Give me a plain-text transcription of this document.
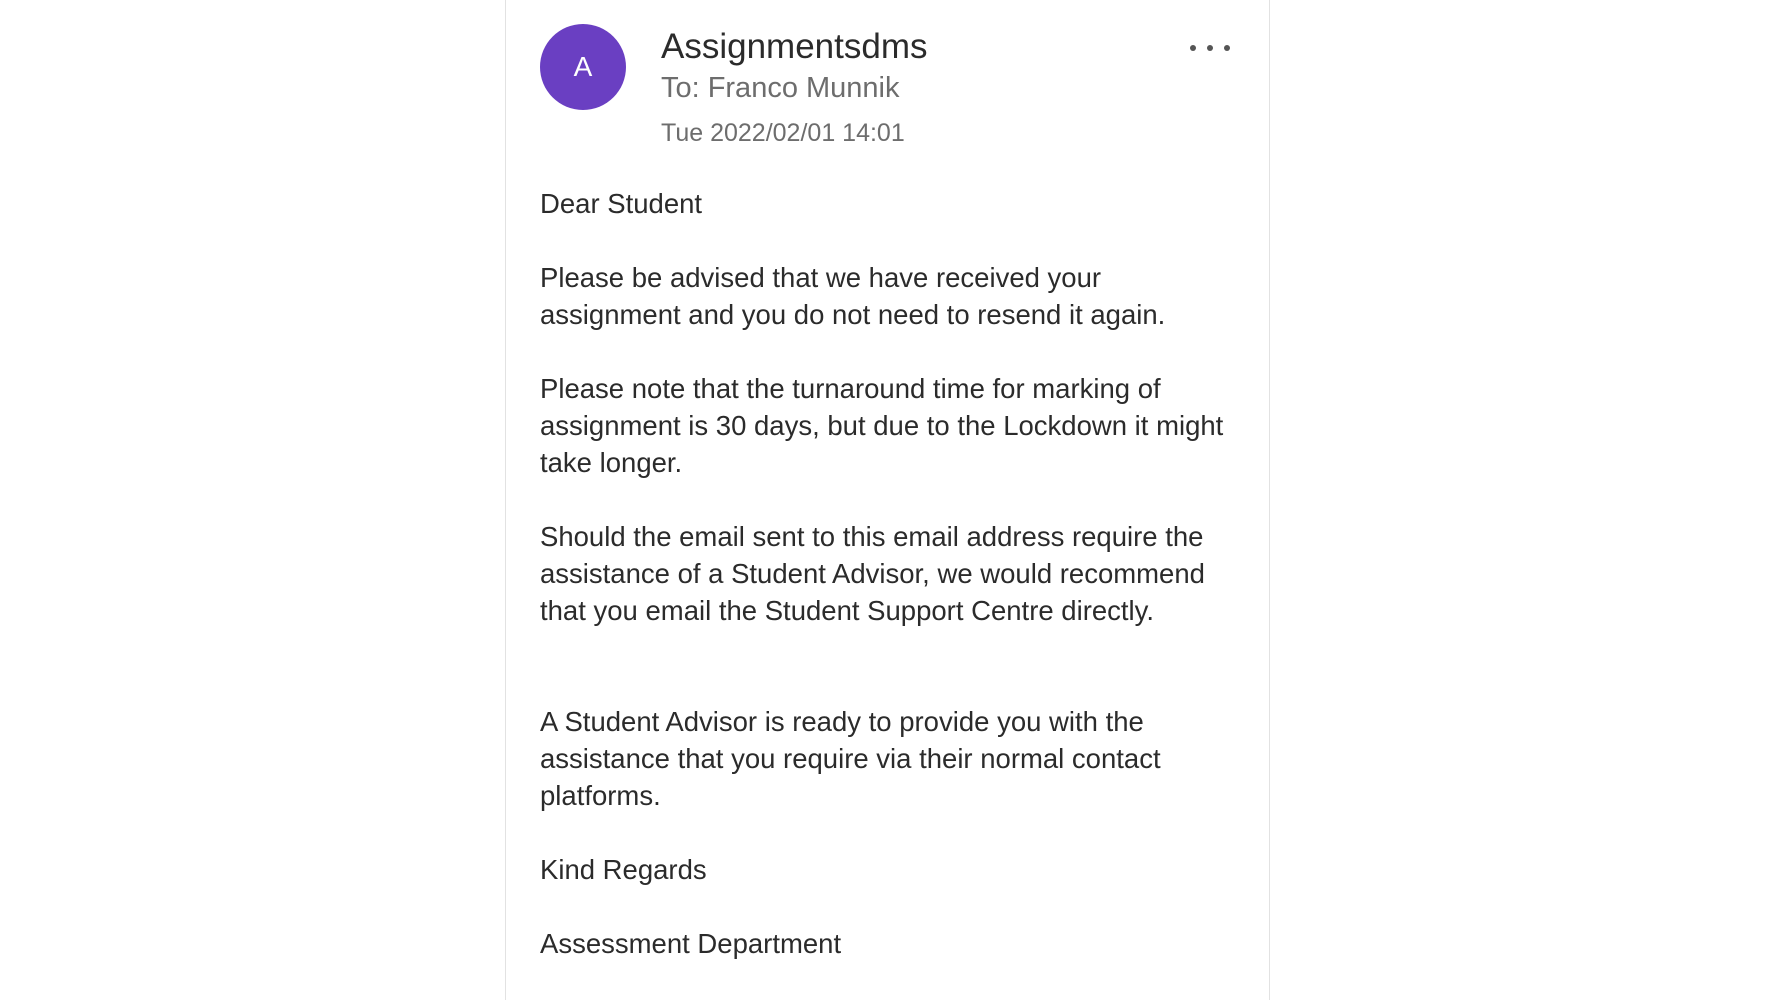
A
Assignmentsdms
To: Franco Munnik
Tue 2022/02/01 14:01

Dear Student

Please be advised that we have received your assignment and you do not need to resend it again.

Please note that the turnaround time for marking of assignment is 30 days, but due to the Lockdown it might take longer.

Should the email sent to this email address require the assistance of a Student Advisor, we would recommend that you email the Student Support Centre directly.

A Student Advisor is ready to provide you with the assistance that you require via their normal contact platforms.

Kind Regards

Assessment Department
